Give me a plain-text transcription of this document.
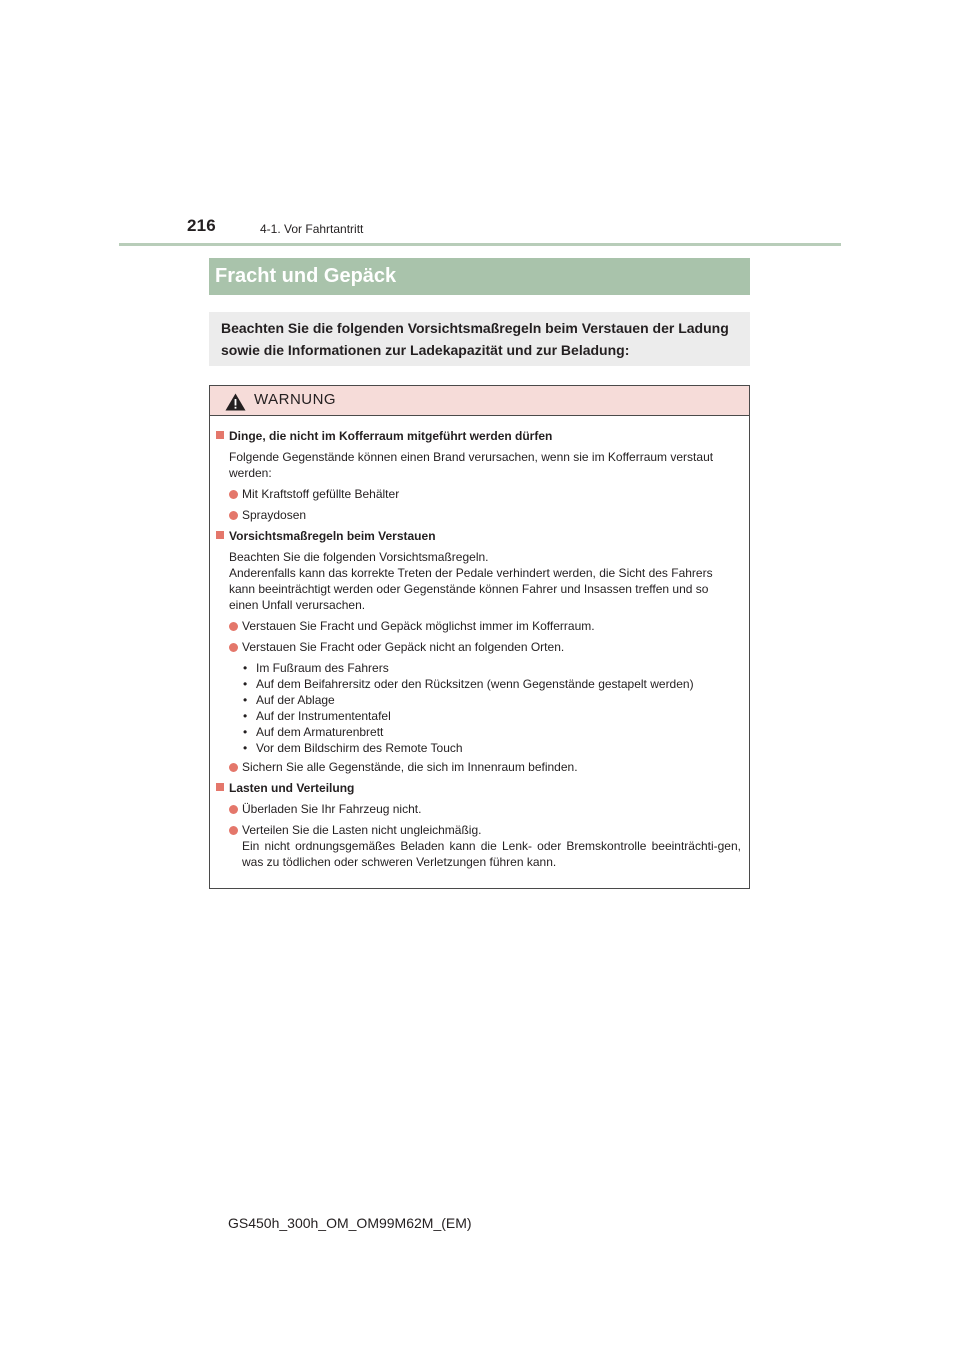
216	4-1. Vor Fahrtantritt
Fracht und Gepäck
Beachten Sie die folgenden Vorsichtsmaßregeln beim Verstauen der Ladung
sowie die Informationen zur Ladekapazität und zur Beladung:
WARNUNG
Dinge, die nicht im Kofferraum mitgeführt werden dürfen
Folgende Gegenstände können einen Brand verursachen, wenn sie im Kofferraum verstaut werden:
Mit Kraftstoff gefüllte Behälter
Spraydosen
Vorsichtsmaßregeln beim Verstauen
Beachten Sie die folgenden Vorsichtsmaßregeln.
Anderenfalls kann das korrekte Treten der Pedale verhindert werden, die Sicht des Fahrers kann beeinträchtigt werden oder Gegenstände können Fahrer und Insassen treffen und so einen Unfall verursachen.
Verstauen Sie Fracht und Gepäck möglichst immer im Kofferraum.
Verstauen Sie Fracht oder Gepäck nicht an folgenden Orten.
• Im Fußraum des Fahrers
• Auf dem Beifahrersitz oder den Rücksitzen (wenn Gegenstände gestapelt werden)
• Auf der Ablage
• Auf der Instrumententafel
• Auf dem Armaturenbrett
• Vor dem Bildschirm des Remote Touch
Sichern Sie alle Gegenstände, die sich im Innenraum befinden.
Lasten und Verteilung
Überladen Sie Ihr Fahrzeug nicht.
Verteilen Sie die Lasten nicht ungleichmäßig.
Ein nicht ordnungsgemäßes Beladen kann die Lenk- oder Bremskontrolle beeinträchti-gen, was zu tödlichen oder schweren Verletzungen führen kann.
GS450h_300h_OM_OM99M62M_(EM)
